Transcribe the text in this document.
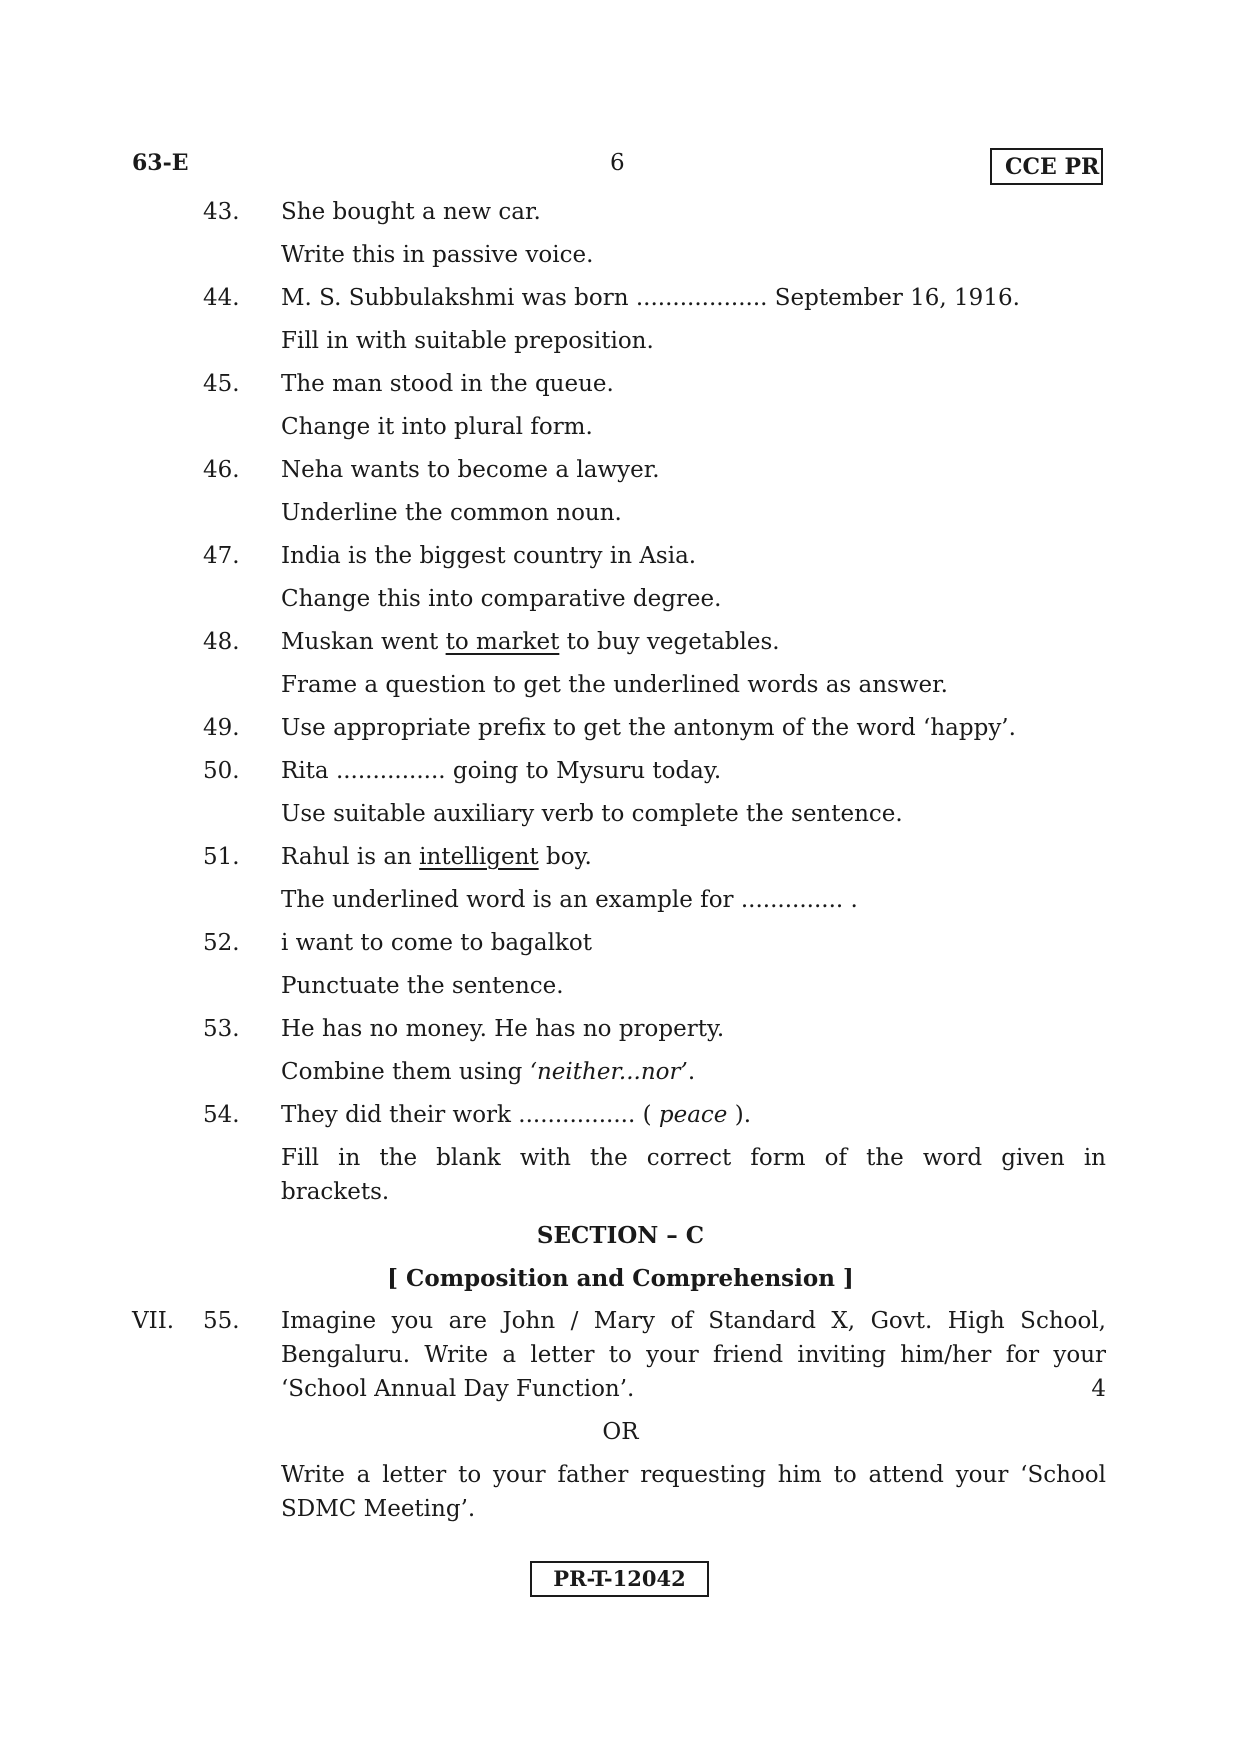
63-E	6	CCE PR
43. She bought a new car.
Write this in passive voice.
44. M. S. Subbulakshmi was born .................. September 16, 1916.
Fill in with suitable preposition.
45. The man stood in the queue.
Change it into plural form.
46. Neha wants to become a lawyer.
Underline the common noun.
47. India is the biggest country in Asia.
Change this into comparative degree.
48. Muskan went to market to buy vegetables.
Frame a question to get the underlined words as answer.
49. Use appropriate prefix to get the antonym of the word ‘happy’.
50. Rita ............... going to Mysuru today.
Use suitable auxiliary verb to complete the sentence.
51. Rahul is an intelligent boy.
The underlined word is an example for .............. .
52. i want to come to bagalkot
Punctuate the sentence.
53. He has no money. He has no property.
Combine them using ‘neither...nor’.
54. They did their work ................ ( peace ).
Fill in the blank with the correct form of the word given in
brackets.
SECTION – C
[ Composition and Comprehension ]
VII. 55. Imagine you are John / Mary of Standard X, Govt. High School,
Bengaluru. Write a letter to your friend inviting him/her for your
‘School Annual Day Function’.	4
OR
Write a letter to your father requesting him to attend your ‘School
SDMC Meeting’.
PR-T-12042
